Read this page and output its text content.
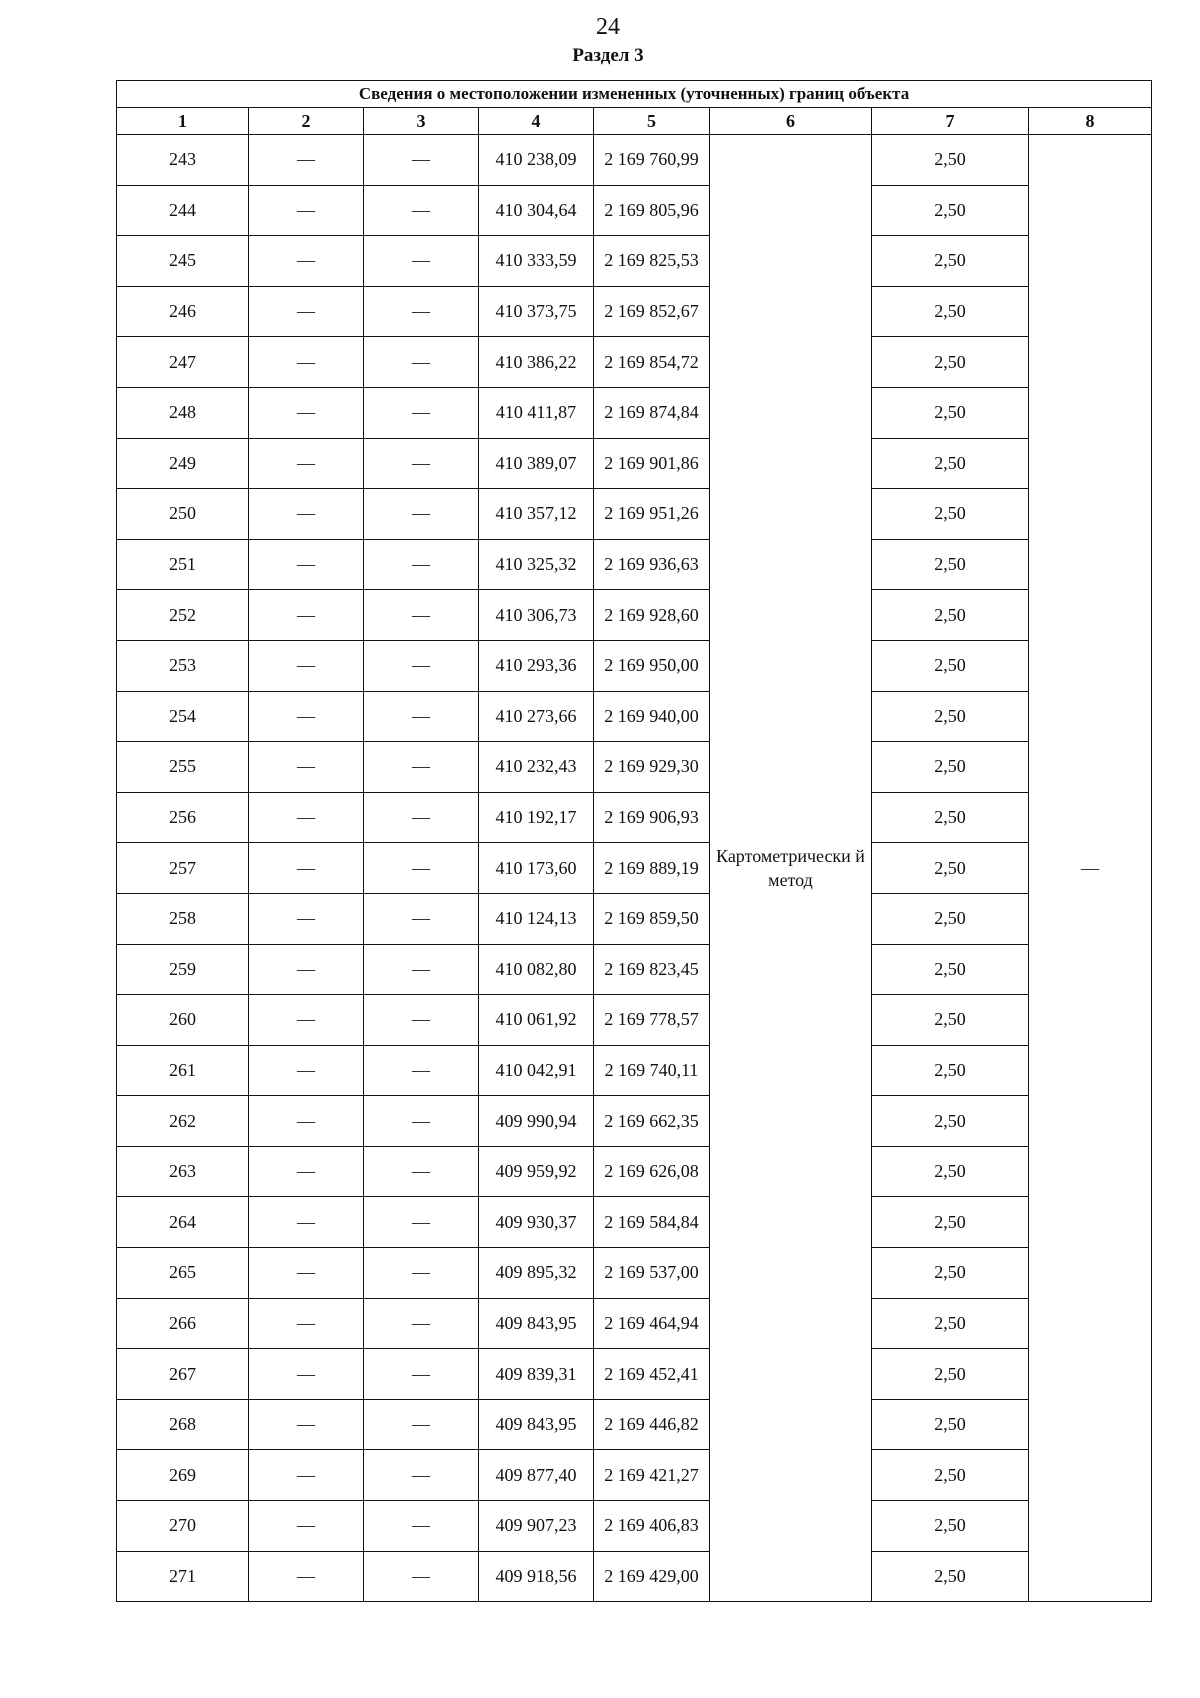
24
Раздел 3
Сведения о местоположении измененных (уточненных) границ объекта							
1	2	3	4	5	6	7	8
243	—	—	410 238,09	2 169 760,99	Картометрически й метод	2,50	—
244	—	—	410 304,64	2 169 805,96		2,50	
245	—	—	410 333,59	2 169 825,53		2,50	
246	—	—	410 373,75	2 169 852,67		2,50	
247	—	—	410 386,22	2 169 854,72		2,50	
248	—	—	410 411,87	2 169 874,84		2,50	
249	—	—	410 389,07	2 169 901,86		2,50	
250	—	—	410 357,12	2 169 951,26		2,50	
251	—	—	410 325,32	2 169 936,63		2,50	
252	—	—	410 306,73	2 169 928,60		2,50	
253	—	—	410 293,36	2 169 950,00		2,50	
254	—	—	410 273,66	2 169 940,00		2,50	
255	—	—	410 232,43	2 169 929,30		2,50	
256	—	—	410 192,17	2 169 906,93		2,50	
257	—	—	410 173,60	2 169 889,19		2,50	
258	—	—	410 124,13	2 169 859,50		2,50	
259	—	—	410 082,80	2 169 823,45		2,50	
260	—	—	410 061,92	2 169 778,57		2,50	
261	—	—	410 042,91	2 169 740,11		2,50	
262	—	—	409 990,94	2 169 662,35		2,50	
263	—	—	409 959,92	2 169 626,08		2,50	
264	—	—	409 930,37	2 169 584,84		2,50	
265	—	—	409 895,32	2 169 537,00		2,50	
266	—	—	409 843,95	2 169 464,94		2,50	
267	—	—	409 839,31	2 169 452,41		2,50	
268	—	—	409 843,95	2 169 446,82		2,50	
269	—	—	409 877,40	2 169 421,27		2,50	
270	—	—	409 907,23	2 169 406,83		2,50	
271	—	—	409 918,56	2 169 429,00		2,50	
